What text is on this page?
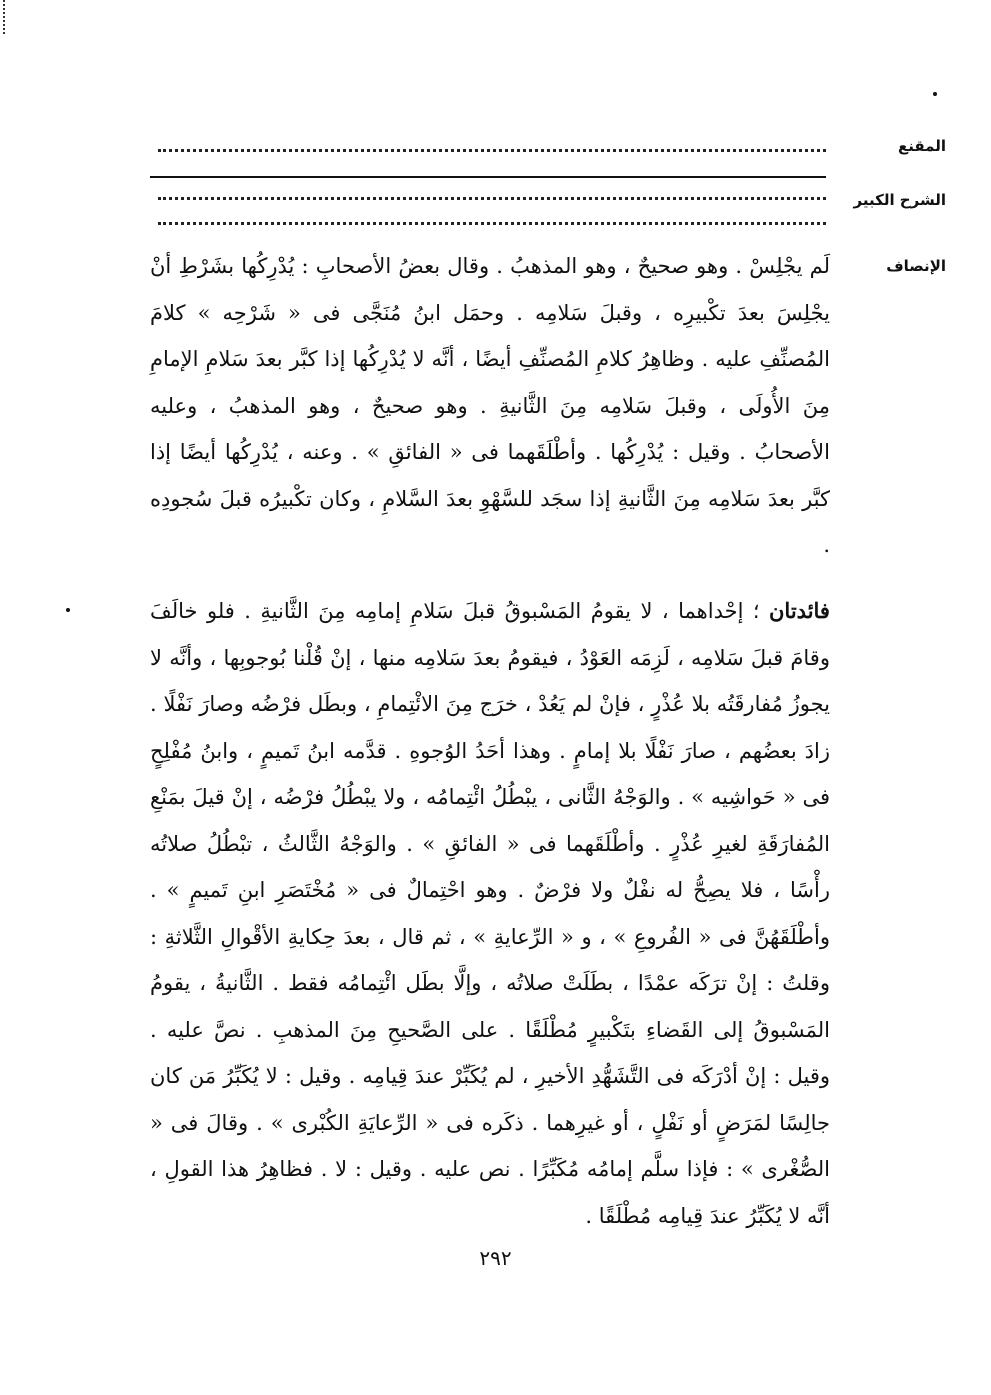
المقنع
الشرح الكبير
الإنصاف

لَم يجْلِسْ . وهو صحيحٌ ، وهو المذهبُ . وقال بعضُ الأصحابِ : يُدْرِكُها بشَرْطِ أنْ يجْلِسَ بعدَ تكْبيرِه ، وقبلَ سَلامِه . وحمَل ابنُ مُنَجَّى فى « شَرْحِه » كلامَ المُصنِّفِ عليه . وظاهِرُ كلامِ المُصنِّفِ أيضًا ، أنَّه لا يُدْرِكُها إذا كبَّر بعدَ سَلامِ الإمامِ مِنَ الأُولَى ، وقبلَ سَلامِه مِنَ الثَّانيةِ . وهو صحيحٌ ، وهو المذهبُ ، وعليه الأصحابُ . وقيل : يُدْرِكُها . وأطْلَقَهما فى « الفائقِ » . وعنه ، يُدْرِكُها أيضًا إذا كبَّر بعدَ سَلامِه مِنَ الثَّانيةِ إذا سجَد للسَّهْوِ بعدَ السَّلامِ ، وكان تكْبيرُه قبلَ سُجودِه .

فائدتان ؛ إحْداهما ، لا يقومُ المَسْبوقُ قبلَ سَلامِ إمامِه مِنَ الثَّانيةِ . فلو خالَفَ وقامَ قبلَ سَلامِه ، لَزِمَه العَوْدُ ، فيقومُ بعدَ سَلامِه منها ، إنْ قُلْنا بُوجوبِها ، وأنَّه لا يجوزُ مُفارقَتُه بلا عُذْرٍ ، فإنْ لم يَعُدْ ، خرَج مِنَ الائْتِمامِ ، وبطَل فرْضُه وصارَ نَفْلًا . زادَ بعضُهم ، صارَ نَفْلًا بلا إمامٍ . وهذا أحَدُ الوُجوهِ . قدَّمه ابنُ تَميمٍ ، وابنُ مُفْلِحٍ فى « حَواشِيه » . والوَجْهُ الثَّانى ، يبْطُلُ ائْتِمامُه ، ولا يبْطُلُ فرْضُه ، إنْ قيلَ بمَنْعِ المُفارَقَةِ لغيرِ عُذْرٍ . وأطْلَقَهما فى « الفائقِ » . والوَجْهُ الثَّالثُ ، تبْطُلُ صلاتُه رأْسًا ، فلا يصِحُّ له نفْلٌ ولا فرْضٌ . وهو احْتِمالٌ فى « مُخْتَصَرِ ابنِ تَميمٍ » . وأطْلَقَهُنَّ فى « الفُروعِ » ، و « الرِّعايةِ » ، ثم قال ، بعدَ حِكايةِ الأقْوالِ الثَّلاثةِ : وقلتُ : إنْ ترَكَه عمْدًا ، بطَلَتْ صلاتُه ، وإلَّا بطَل ائْتِمامُه فقط . الثَّانيةُ ، يقومُ المَسْبوقُ إلى القَضاءِ بتَكْبيرٍ مُطْلَقًا . على الصَّحيحِ مِنَ المذهبِ . نصَّ عليه . وقيل : إنْ أدْرَكَه فى التَّشَهُّدِ الأخيرِ ، لم يُكَبِّرْ عندَ قِيامِه . وقيل : لا يُكَبِّرُ مَن كان جالِسًا لمَرَضٍ أو نَفْلٍ ، أو غيرِهما . ذكَره فى « الرِّعايَةِ الكُبْرى » . وقالَ فى « الصُّغْرى » : فإذا سلَّم إمامُه مُكَبِّرًا . نص عليه . وقيل : لا . فظاهِرُ هذا القولِ ، أنَّه لا يُكَبِّرُ عندَ قِيامِه مُطْلَقًا .

٢٩٢
